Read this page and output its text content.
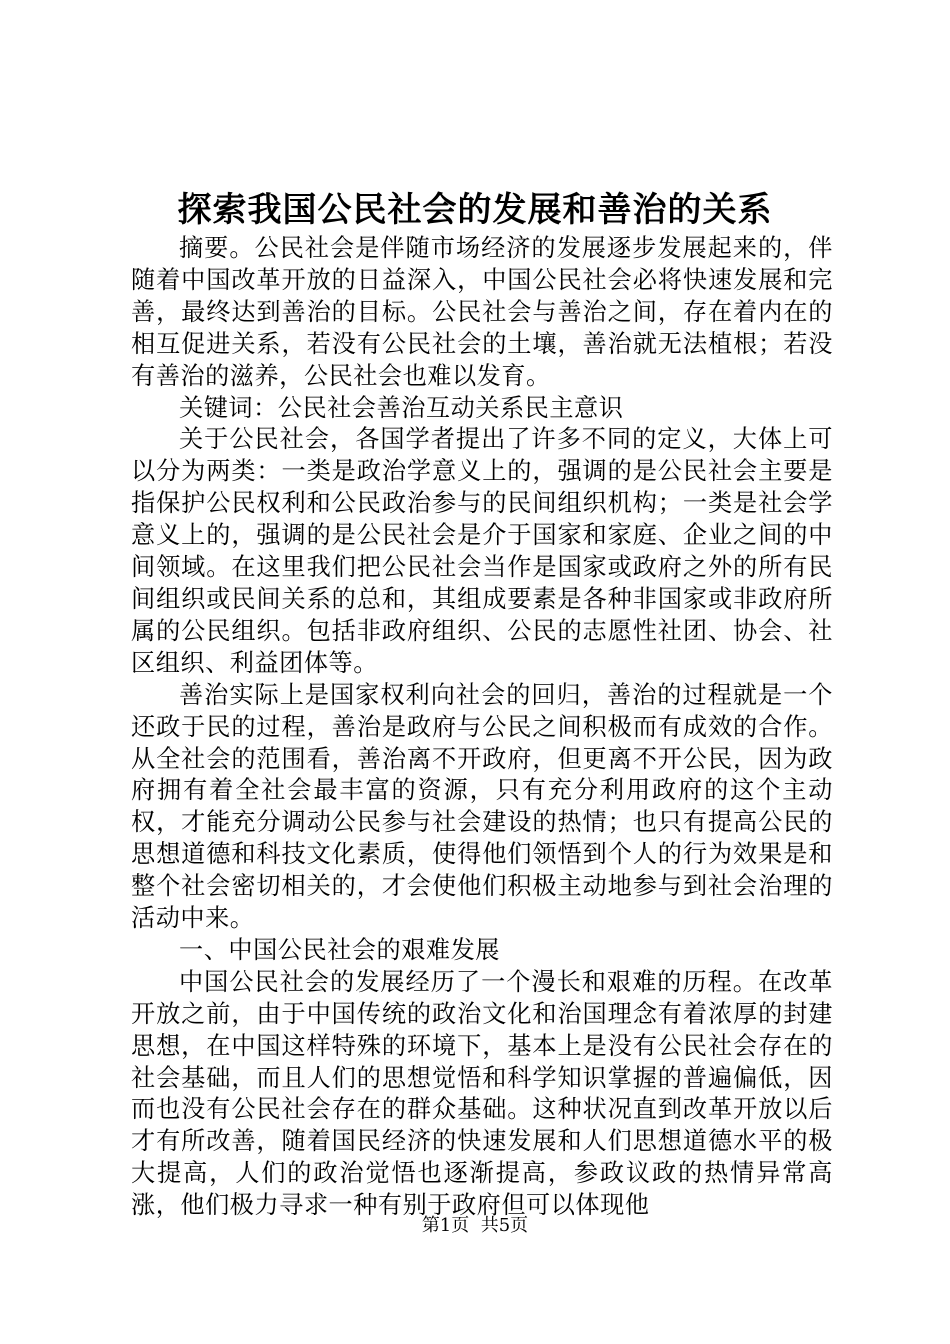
探索我国公民社会的发展和善治的关系

摘要。公民社会是伴随市场经济的发展逐步发展起来的，伴随着中国改革开放的日益深入，中国公民社会必将快速发展和完善，最终达到善治的目标。公民社会与善治之间，存在着内在的相互促进关系，若没有公民社会的土壤，善治就无法植根；若没有善治的滋养，公民社会也难以发育。

关键词：公民社会善治互动关系民主意识

关于公民社会，各国学者提出了许多不同的定义，大体上可以分为两类：一类是政治学意义上的，强调的是公民社会主要是指保护公民权利和公民政治参与的民间组织机构；一类是社会学意义上的，强调的是公民社会是介于国家和家庭、企业之间的中间领域。在这里我们把公民社会当作是国家或政府之外的所有民间组织或民间关系的总和，其组成要素是各种非国家或非政府所属的公民组织。包括非政府组织、公民的志愿性社团、协会、社区组织、利益团体等。

善治实际上是国家权利向社会的回归，善治的过程就是一个还政于民的过程，善治是政府与公民之间积极而有成效的合作。从全社会的范围看，善治离不开政府，但更离不开公民，因为政府拥有着全社会最丰富的资源，只有充分利用政府的这个主动权，才能充分调动公民参与社会建设的热情；也只有提高公民的思想道德和科技文化素质，使得他们领悟到个人的行为效果是和整个社会密切相关的，才会使他们积极主动地参与到社会治理的活动中来。

一、中国公民社会的艰难发展

中国公民社会的发展经历了一个漫长和艰难的历程。在改革开放之前，由于中国传统的政治文化和治国理念有着浓厚的封建思想，在中国这样特殊的环境下，基本上是没有公民社会存在的社会基础，而且人们的思想觉悟和科学知识掌握的普遍偏低，因而也没有公民社会存在的群众基础。这种状况直到改革开放以后才有所改善，随着国民经济的快速发展和人们思想道德水平的极大提高，人们的政治觉悟也逐渐提高，参政议政的热情异常高涨，他们极力寻求一种有别于政府但可以体现他

第1页 共5页
